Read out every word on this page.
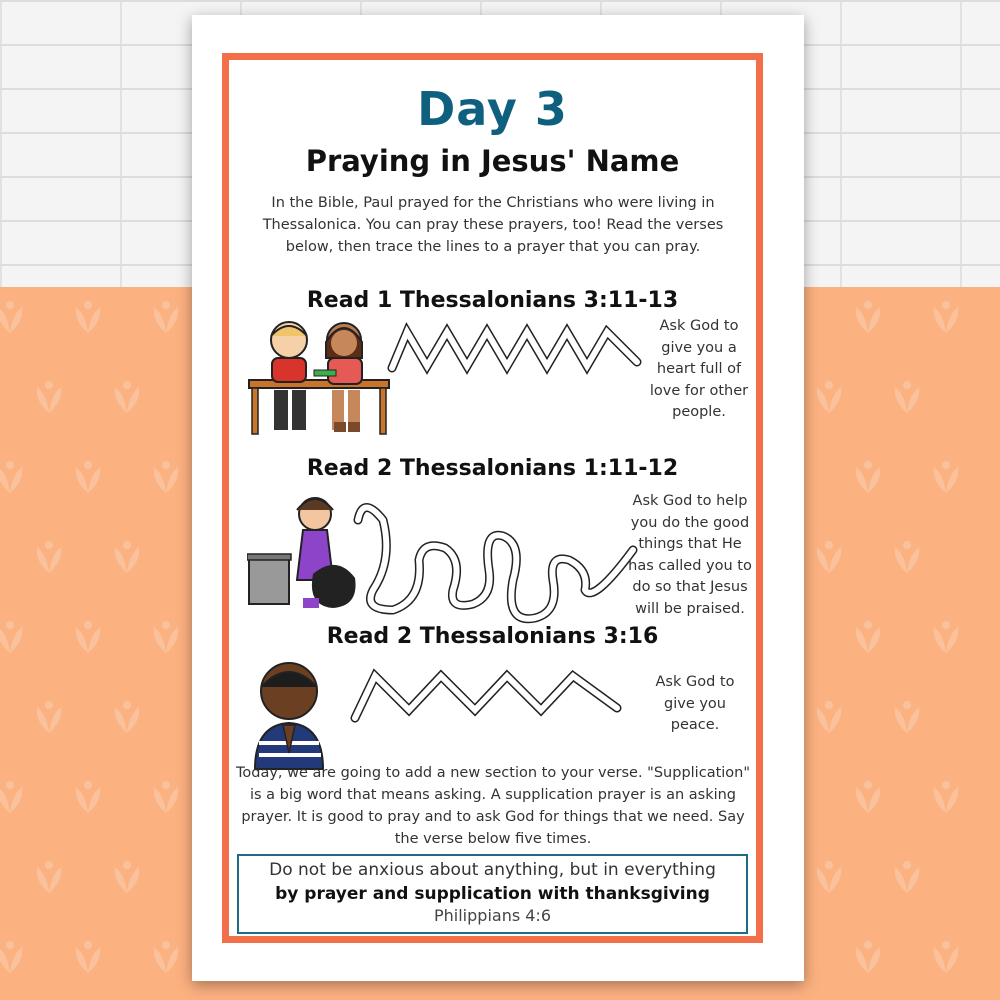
Day 3
Praying in Jesus' Name
In the Bible, Paul prayed for the Christians who were living in Thessalonica. You can pray these prayers, too! Read the verses below, then trace the lines to a prayer that you can pray.
Read 1 Thessalonians 3:11-13
Ask God to give you a heart full of love for other people.
Read 2 Thessalonians 1:11-12
Ask God to help you do the good things that He has called you to do so that Jesus will be praised.
Read 2 Thessalonians 3:16
Ask God to give you peace.
Today, we are going to add a new section to your verse. "Supplication" is a big word that means asking. A supplication prayer is an asking prayer. It is good to pray and to ask God for things that we need. Say the verse below five times.
Do not be anxious about anything, but in everything
by prayer and supplication with thanksgiving
Philippians 4:6
